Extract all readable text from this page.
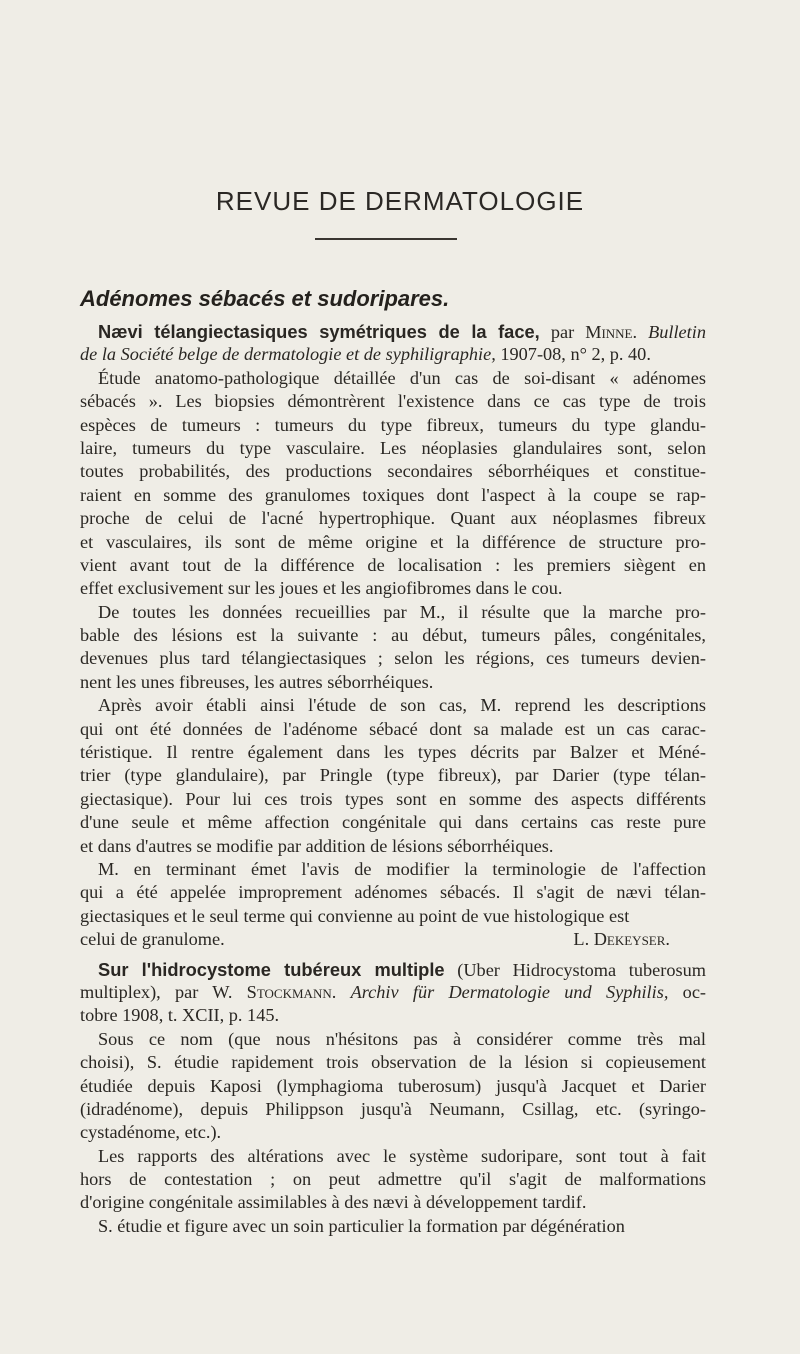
REVUE DE DERMATOLOGIE
Adénomes sébacés et sudoripares.
Nævi télangiectasiques symétriques de la face, par Minne. Bulletin
de la Société belge de dermatologie et de syphiligraphie, 1907-08, n° 2, p. 40.
Étude anatomo-pathologique détaillée d'un cas de soi-disant « adénomes
sébacés ». Les biopsies démontrèrent l'existence dans ce cas type de trois
espèces de tumeurs : tumeurs du type fibreux, tumeurs du type glandu-
laire, tumeurs du type vasculaire. Les néoplasies glandulaires sont, selon
toutes probabilités, des productions secondaires séborrhéiques et constitue-
raient en somme des granulomes toxiques dont l'aspect à la coupe se rap-
proche de celui de l'acné hypertrophique. Quant aux néoplasmes fibreux
et vasculaires, ils sont de même origine et la différence de structure pro-
vient avant tout de la différence de localisation : les premiers siègent en
effet exclusivement sur les joues et les angiofibromes dans le cou.
De toutes les données recueillies par M., il résulte que la marche pro-
bable des lésions est la suivante : au début, tumeurs pâles, congénitales,
devenues plus tard télangiectasiques ; selon les régions, ces tumeurs devien-
nent les unes fibreuses, les autres séborrhéiques.
Après avoir établi ainsi l'étude de son cas, M. reprend les descriptions
qui ont été données de l'adénome sébacé dont sa malade est un cas carac-
téristique. Il rentre également dans les types décrits par Balzer et Méné-
trier (type glandulaire), par Pringle (type fibreux), par Darier (type télan-
giectasique). Pour lui ces trois types sont en somme des aspects différents
d'une seule et même affection congénitale qui dans certains cas reste pure
et dans d'autres se modifie par addition de lésions séborrhéiques.
M. en terminant émet l'avis de modifier la terminologie de l'affection
qui a été appelée improprement adénomes sébacés. Il s'agit de nævi télan-
giectasiques et le seul terme qui convienne au point de vue histologique est
celui de granulome.	L. Dekeyser.
Sur l'hidrocystome tubéreux multiple (Uber Hidrocystoma tuberosum
multiplex), par W. Stockmann. Archiv für Dermatologie und Syphilis, oc-
tobre 1908, t. XCII, p. 145.
Sous ce nom (que nous n'hésitons pas à considérer comme très mal
choisi), S. étudie rapidement trois observation de la lésion si copieusement
étudiée depuis Kaposi (lymphagioma tuberosum) jusqu'à Jacquet et Darier
(idradénome), depuis Philippson jusqu'à Neumann, Csillag, etc. (syringo-
cystadénome, etc.).
Les rapports des altérations avec le système sudoripare, sont tout à fait
hors de contestation ; on peut admettre qu'il s'agit de malformations
d'origine congénitale assimilables à des nævi à développement tardif.
S. étudie et figure avec un soin particulier la formation par dégénération
